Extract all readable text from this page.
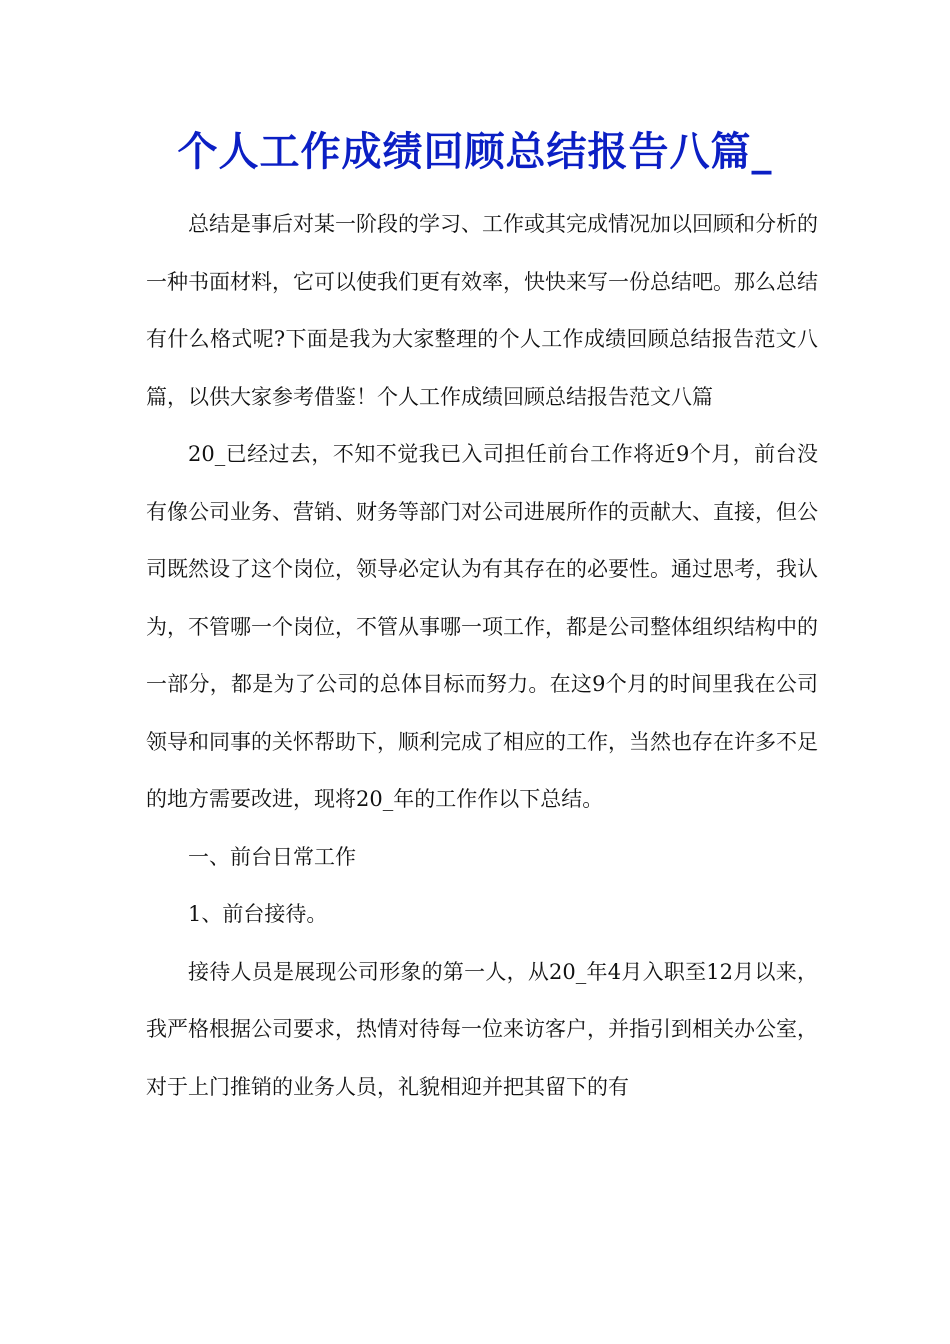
个人工作成绩回顾总结报告八篇_

总结是事后对某一阶段的学习、工作或其完成情况加以回顾和分析的一种书面材料，它可以使我们更有效率，快快来写一份总结吧。那么总结有什么格式呢?下面是我为大家整理的个人工作成绩回顾总结报告范文八篇，以供大家参考借鉴！个人工作成绩回顾总结报告范文八篇

20_已经过去，不知不觉我已入司担任前台工作将近9个月，前台没有像公司业务、营销、财务等部门对公司进展所作的贡献大、直接，但公司既然设了这个岗位，领导必定认为有其存在的必要性。通过思考，我认为，不管哪一个岗位，不管从事哪一项工作，都是公司整体组织结构中的一部分，都是为了公司的总体目标而努力。在这9个月的时间里我在公司领导和同事的关怀帮助下，顺利完成了相应的工作，当然也存在许多不足的地方需要改进，现将20_年的工作作以下总结。

一、前台日常工作

1、前台接待。

接待人员是展现公司形象的第一人，从20_年4月入职至12月以来，我严格根据公司要求，热情对待每一位来访客户，并指引到相关办公室，对于上门推销的业务人员，礼貌相迎并把其留下的有
